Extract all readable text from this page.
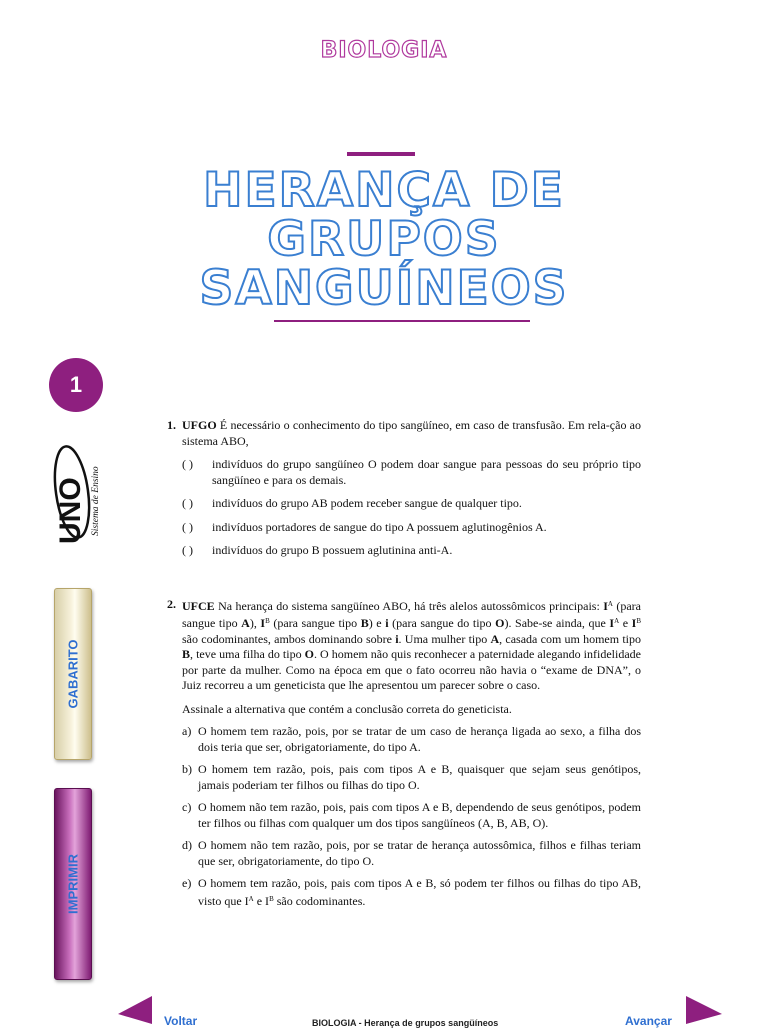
BIOLOGIA
HERANÇA DE
GRUPOS
SANGUÍNEOS
1
UNO Sistema de Ensino
GABARITO
IMPRIMIR
1. UFGO É necessário o conhecimento do tipo sangüíneo, em caso de transfusão. Em rela-ção ao sistema ABO,
( )	indivíduos do grupo sangüíneo O podem doar sangue para pessoas do seu próprio tipo sangüíneo e para os demais.
( )	indivíduos do grupo AB podem receber sangue de qualquer tipo.
( )	indivíduos portadores de sangue do tipo A possuem aglutinogênios A.
( )	indivíduos do grupo B possuem aglutinina anti-A.
2. UFCE Na herança do sistema sangüíneo ABO, há três alelos autossômicos principais: $I^A$ (para sangue tipo A), $I^B$ (para sangue tipo B) e i (para sangue do tipo O). Sabe-se ainda, que $I^A$ e $I^B$ são codominantes, ambos dominando sobre i. Uma mulher tipo A, casada com um homem tipo B, teve uma filha do tipo O. O homem não quis reconhecer a paternidade alegando infidelidade por parte da mulher. Como na época em que o fato ocorreu não havia o “exame de DNA”, o Juiz recorreu a um geneticista que lhe apresentou um parecer sobre o caso.
Assinale a alternativa que contém a conclusão correta do geneticista.
a) O homem tem razão, pois, por se tratar de um caso de herança ligada ao sexo, a filha dos dois teria que ser, obrigatoriamente, do tipo A.
b) O homem tem razão, pois, pais com tipos A e B, quaisquer que sejam seus genótipos, jamais poderiam ter filhos ou filhas do tipo O.
c) O homem não tem razão, pois, pais com tipos A e B, dependendo de seus genótipos, podem ter filhos ou filhas com qualquer um dos tipos sangüíneos (A, B, AB, O).
d) O homem não tem razão, pois, por se tratar de herança autossômica, filhos e filhas teriam que ser, obrigatoriamente, do tipo O.
e) O homem tem razão, pois, pais com tipos A e B, só podem ter filhos ou filhas do tipo AB, visto que $I^A$ e $I^B$ são codominantes.
Voltar	BIOLOGIA - Herança de grupos sangüíneos	Avançar
